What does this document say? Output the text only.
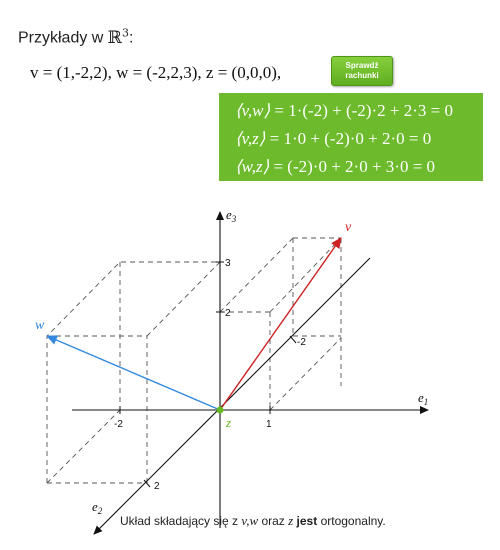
Przykłady w ℝ$^3$:
v = (1,-2,2), w = (-2,2,3), z = (0,0,0),	Sprawdź rachunki
⟨v,w⟩ = 1·(-2) + (-2)·2 + 2·3 = 0
⟨v,z⟩ = 1·0 + (-2)·0 + 2·0 = 0
⟨w,z⟩ = (-2)·0 + 2·0 + 3·0 = 0
v
w
z
$e_1$
$e_3$
$e_2$
-2	1
3
2
-2
2
Układ składający się z v,w oraz z jest ortogonalny.
